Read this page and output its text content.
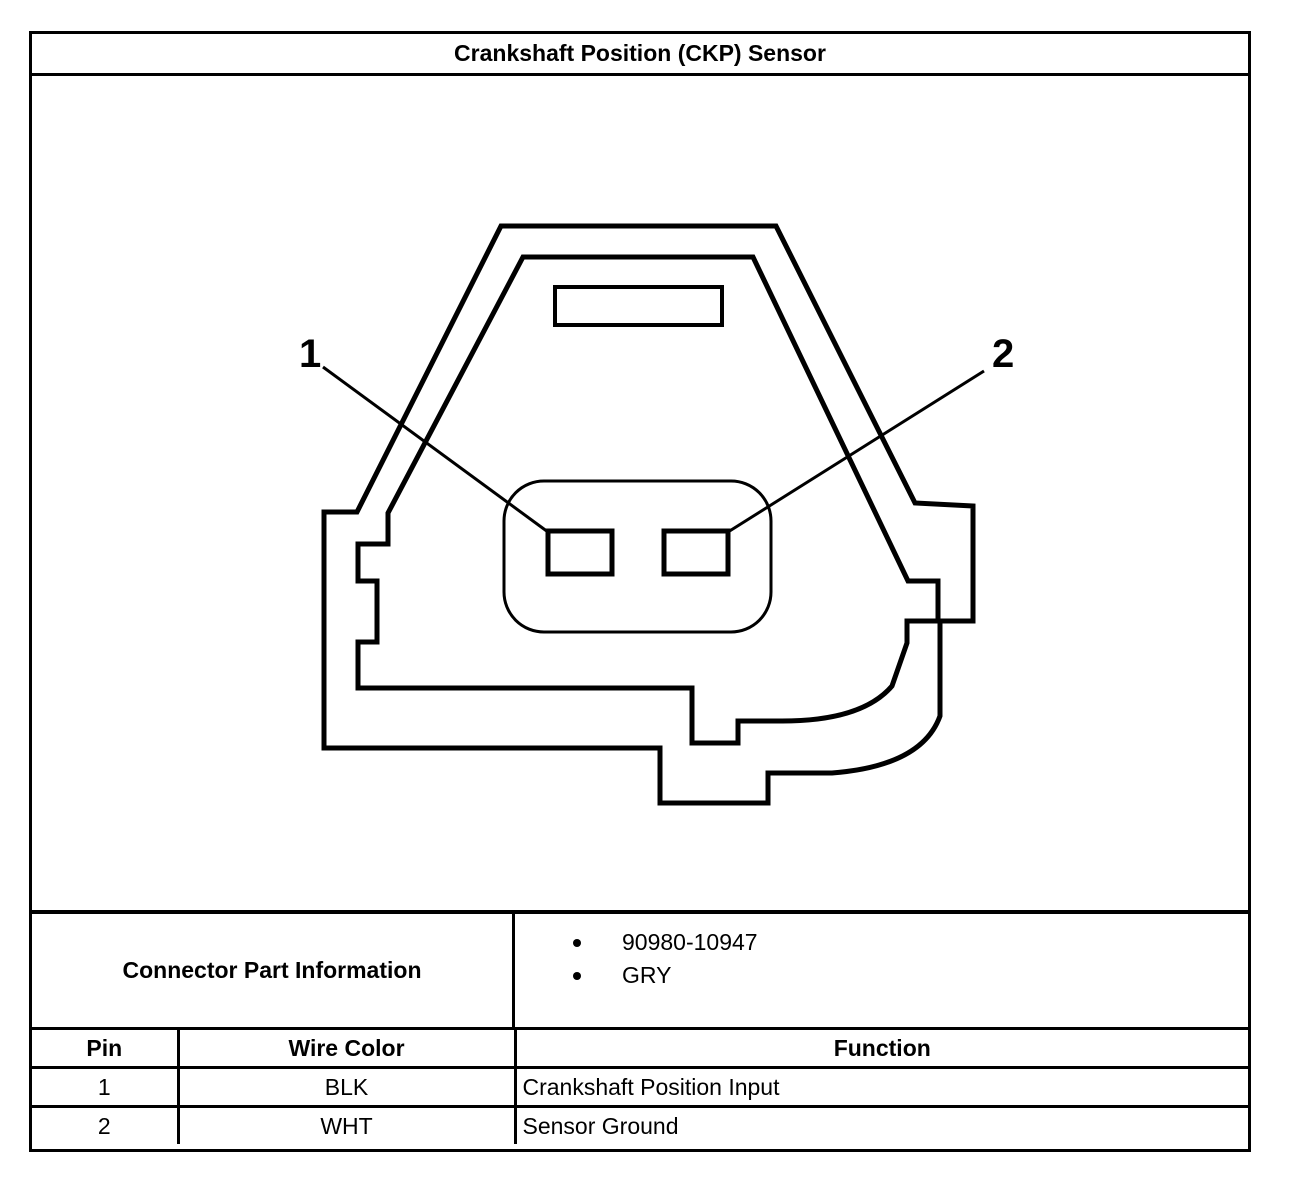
Crankshaft Position (CKP) Sensor
1	2
Connector Part Information
90980-10947
GRY
Pin	Wire Color	Function
1	BLK	Crankshaft Position Input
2	WHT	Sensor Ground
